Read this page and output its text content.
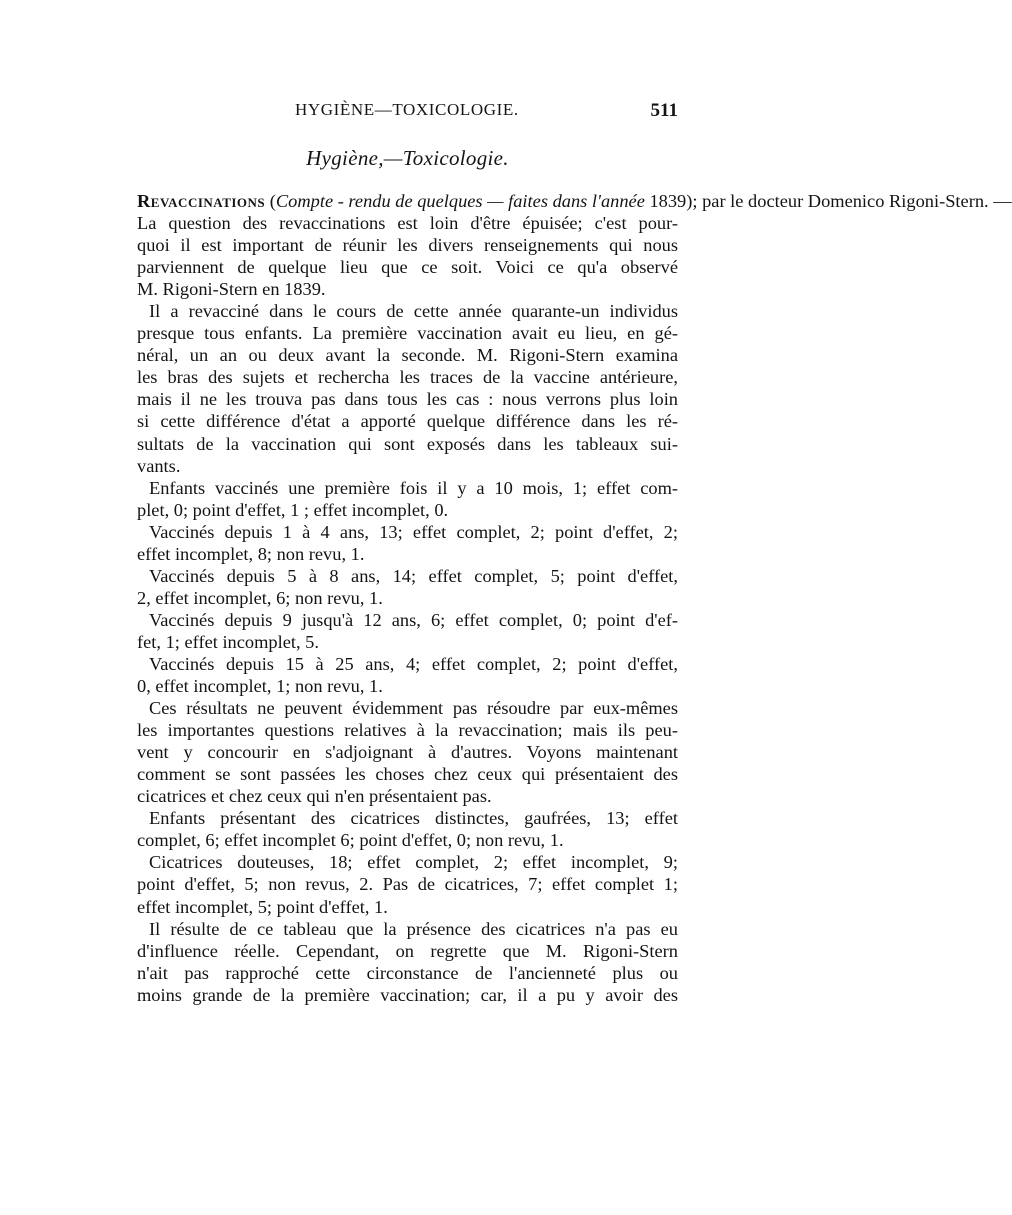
HYGIÈNE—TOXICOLOGIE.	511
Hygiène,—Toxicologie.
Revaccinations (Compte - rendu de quelques — faites dans l'année 1839); par le docteur Domenico Rigoni-Stern. —
La question des revaccinations est loin d'être épuisée; c'est pour-
quoi il est important de réunir les divers renseignements qui nous
parviennent de quelque lieu que ce soit. Voici ce qu'a observé
M. Rigoni-Stern en 1839.
Il a revacciné dans le cours de cette année quarante-un individus
presque tous enfants. La première vaccination avait eu lieu, en gé-
néral, un an ou deux avant la seconde. M. Rigoni-Stern examina
les bras des sujets et rechercha les traces de la vaccine antérieure,
mais il ne les trouva pas dans tous les cas : nous verrons plus loin
si cette différence d'état a apporté quelque différence dans les ré-
sultats de la vaccination qui sont exposés dans les tableaux sui-
vants.
Enfants vaccinés une première fois il y a 10 mois, 1; effet com-
plet, 0; point d'effet, 1 ; effet incomplet, 0.
Vaccinés depuis 1 à 4 ans, 13; effet complet, 2; point d'effet, 2;
effet incomplet, 8; non revu, 1.
Vaccinés depuis 5 à 8 ans, 14; effet complet, 5; point d'effet,
2, effet incomplet, 6; non revu, 1.
Vaccinés depuis 9 jusqu'à 12 ans, 6; effet complet, 0; point d'ef-
fet, 1; effet incomplet, 5.
Vaccinés depuis 15 à 25 ans, 4; effet complet, 2; point d'effet,
0, effet incomplet, 1; non revu, 1.
Ces résultats ne peuvent évidemment pas résoudre par eux-mêmes
les importantes questions relatives à la revaccination; mais ils peu-
vent y concourir en s'adjoignant à d'autres. Voyons maintenant
comment se sont passées les choses chez ceux qui présentaient des
cicatrices et chez ceux qui n'en présentaient pas.
Enfants présentant des cicatrices distinctes, gaufrées, 13; effet
complet, 6; effet incomplet 6; point d'effet, 0; non revu, 1.
Cicatrices douteuses, 18; effet complet, 2; effet incomplet, 9;
point d'effet, 5; non revus, 2. Pas de cicatrices, 7; effet complet 1;
effet incomplet, 5; point d'effet, 1.
Il résulte de ce tableau que la présence des cicatrices n'a pas eu
d'influence réelle. Cependant, on regrette que M. Rigoni-Stern
n'ait pas rapproché cette circonstance de l'ancienneté plus ou
moins grande de la première vaccination; car, il a pu y avoir des
